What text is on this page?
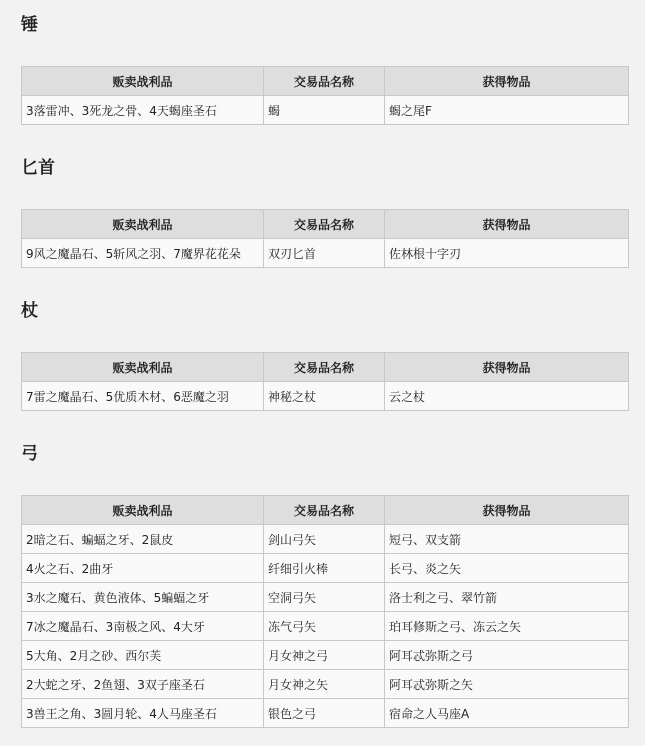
锤
贩卖战利品	交易品名称	获得物品
3落雷冲、3死龙之骨、4天蝎座圣石	蝎	蝎之尾F
匕首
贩卖战利品	交易品名称	获得物品
9风之魔晶石、5斩风之羽、7魔界花花朵	双刃匕首	佐林根十字刃
杖
贩卖战利品	交易品名称	获得物品
7雷之魔晶石、5优质木材、6恶魔之羽	神秘之杖	云之杖
弓
贩卖战利品	交易品名称	获得物品
2暗之石、蝙蝠之牙、2鼠皮	剑山弓矢	短弓、双支箭
4火之石、2曲牙	纤细引火棒	长弓、炎之矢
3水之魔石、黄色液体、5蝙蝠之牙	空洞弓矢	洛士利之弓、翠竹箭
7冰之魔晶石、3南极之风、4大牙	冻气弓矢	珀耳修斯之弓、冻云之矢
5大角、2月之砂、西尔芙	月女神之弓	阿耳忒弥斯之弓
2大蛇之牙、2鱼翅、3双子座圣石	月女神之矢	阿耳忒弥斯之矢
3兽王之角、3圆月轮、4人马座圣石	银色之弓	宿命之人马座A
